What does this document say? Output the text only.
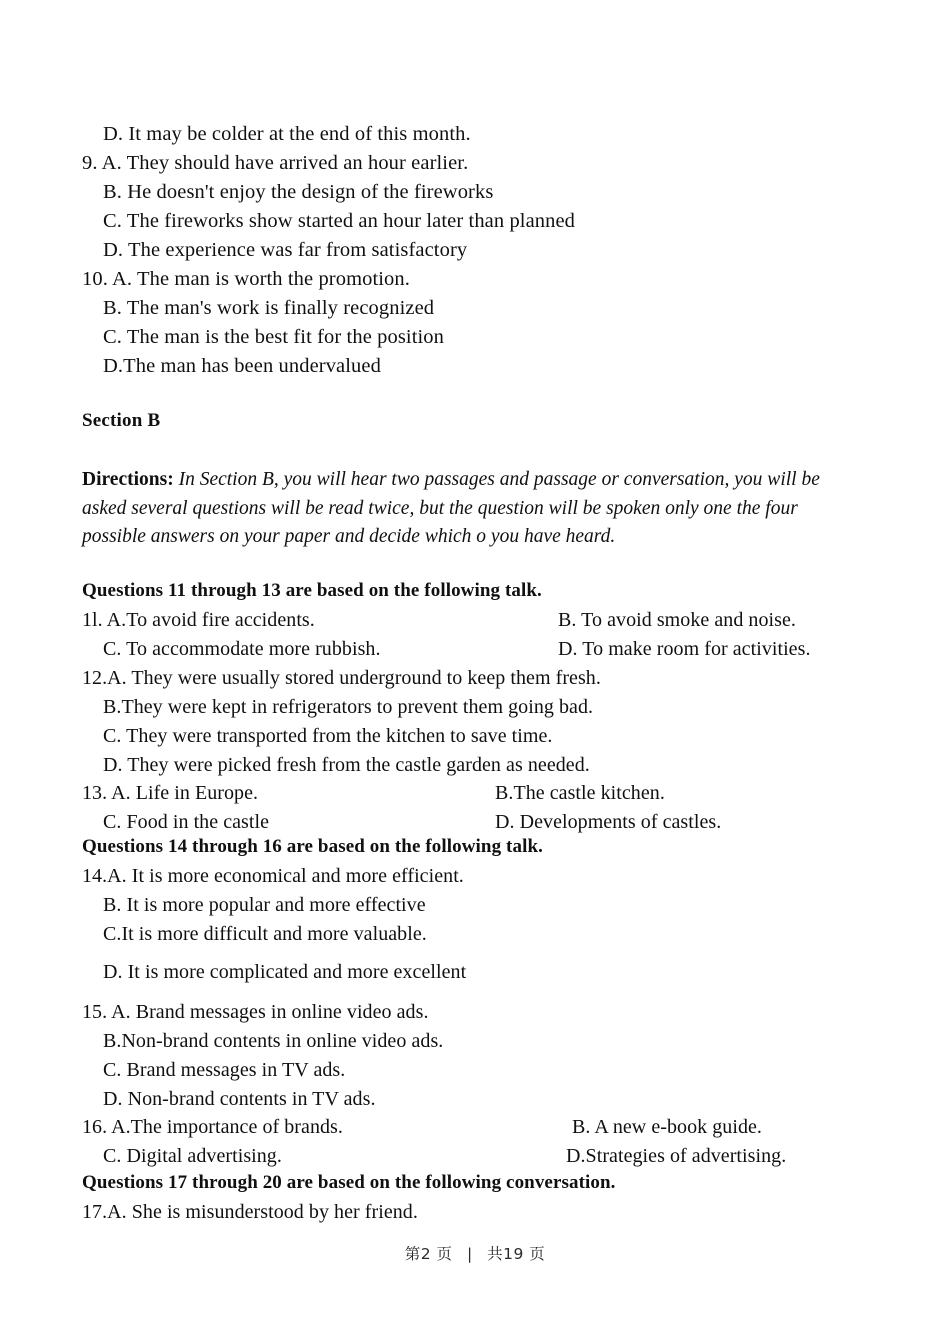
D. It may be colder at the end of this month.
9. A. They should have arrived an hour earlier.
B. He doesn't enjoy the design of the fireworks
C. The fireworks show started an hour later than planned
D. The experience was far from satisfactory
10. A. The man is worth the promotion.
B. The man's work is finally recognized
C. The man is the best fit for the position
D.The man has been undervalued
Section B
Directions: In Section B, you will hear two passages and passage or conversation, you will be asked several questions will be read twice, but the question will be spoken only one the four possible answers on your paper and decide which o you have heard.
Questions 11 through 13 are based on the following talk.
1l. A.To avoid fire accidents.	B. To avoid smoke and noise.
C. To accommodate more rubbish.	D. To make room for activities.
12.A. They were usually stored underground to keep them fresh.
B.They were kept in refrigerators to prevent them going bad.
C. They were transported from the kitchen to save time.
D. They were picked fresh from the castle garden as needed.
13. A. Life in Europe.	B.The castle kitchen.
C. Food in the castle	D. Developments of castles.
Questions 14 through 16 are based on the following talk.
14.A. It is more economical and more efficient.
B. It is more popular and more effective
C.It is more difficult and more valuable.
D. It is more complicated and more excellent
15. A. Brand messages in online video ads.
B.Non-brand contents in online video ads.
C. Brand messages in TV ads.
D. Non-brand contents in TV ads.
16. A.The importance of brands.	B. A new e-book guide.
C. Digital advertising.	D.Strategies of advertising.
Questions 17 through 20 are based on the following conversation.
17.A. She is misunderstood by her friend.
第2 页 | 共19 页
